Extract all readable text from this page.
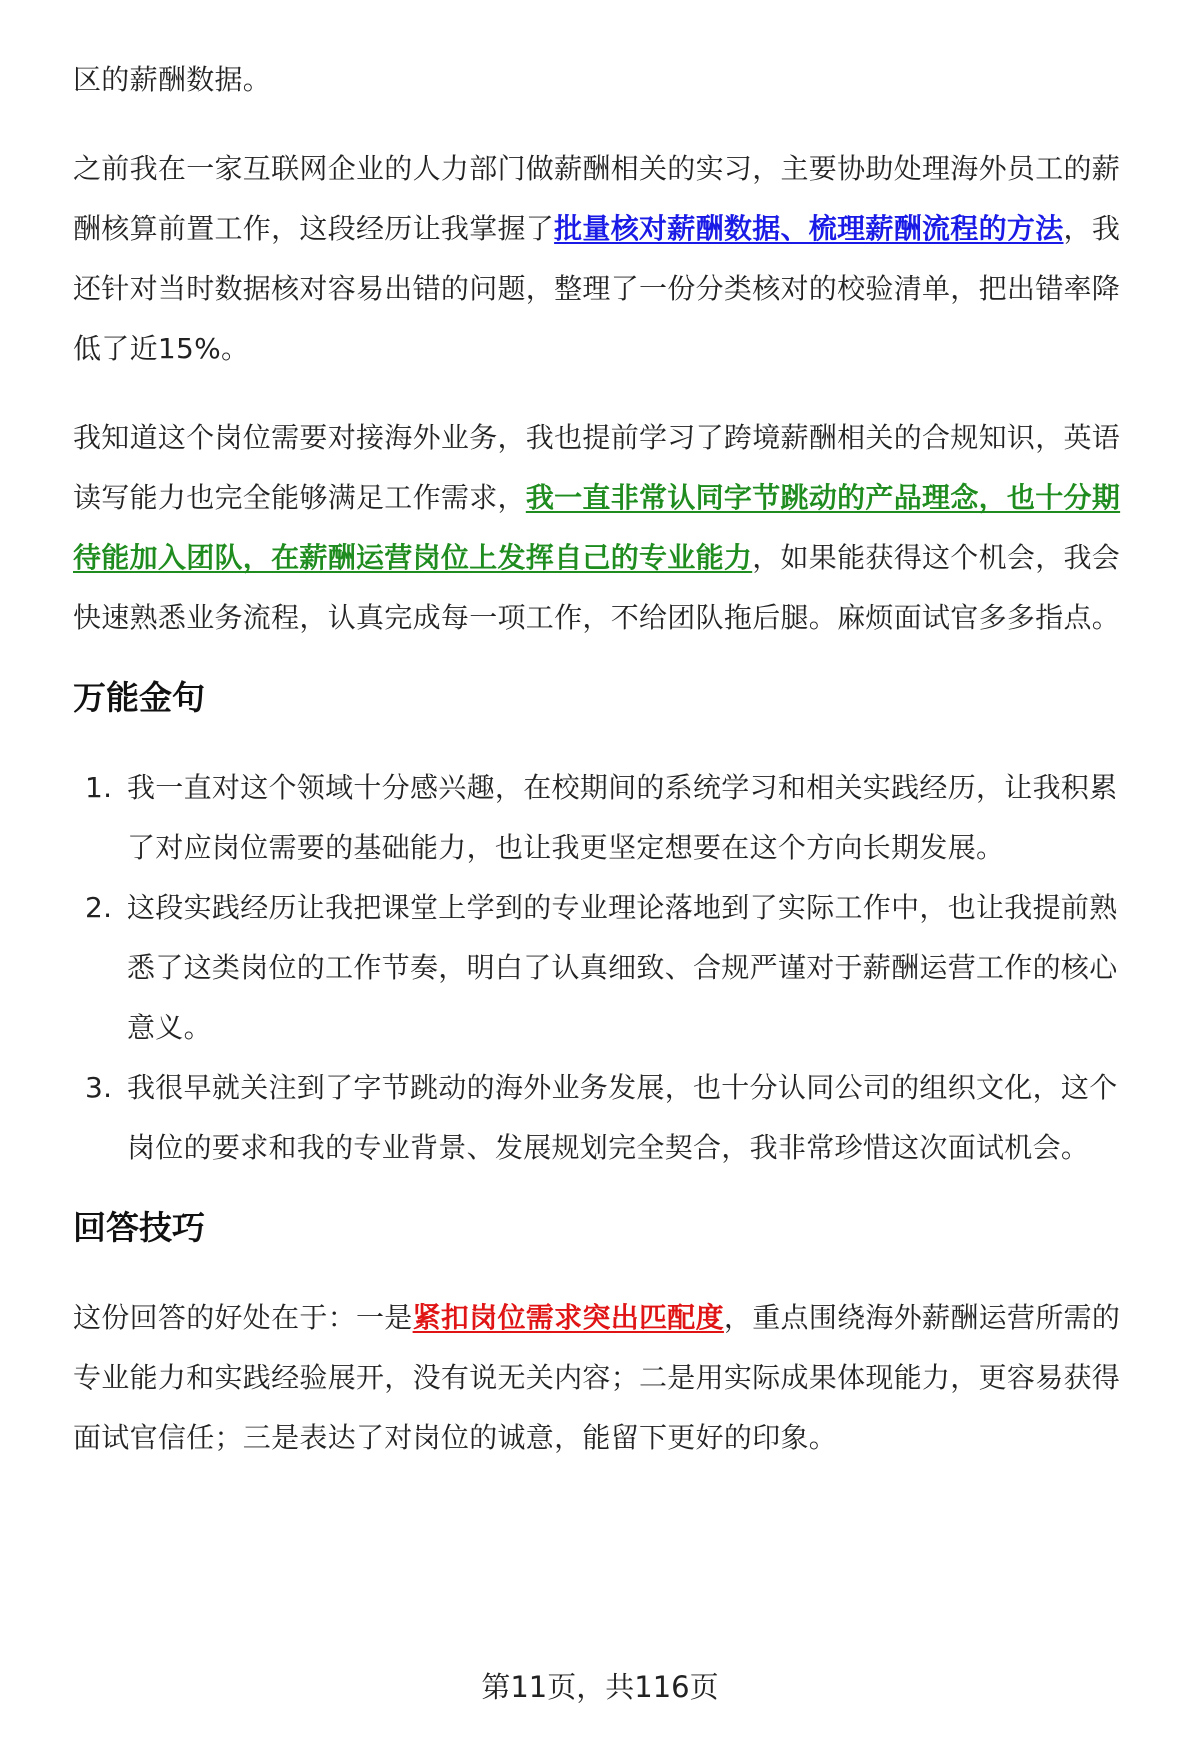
区的薪酬数据。

之前我在一家互联网企业的人力部门做薪酬相关的实习，主要协助处理海外员工的薪酬核算前置工作，这段经历让我掌握了批量核对薪酬数据、梳理薪酬流程的方法，我还针对当时数据核对容易出错的问题，整理了一份分类核对的校验清单，把出错率降低了近15%。

我知道这个岗位需要对接海外业务，我也提前学习了跨境薪酬相关的合规知识，英语读写能力也完全能够满足工作需求，我一直非常认同字节跳动的产品理念，也十分期待能加入团队，在薪酬运营岗位上发挥自己的专业能力，如果能获得这个机会，我会快速熟悉业务流程，认真完成每一项工作，不给团队拖后腿。麻烦面试官多多指点。

万能金句
1. 我一直对这个领域十分感兴趣，在校期间的系统学习和相关实践经历，让我积累了对应岗位需要的基础能力，也让我更坚定想要在这个方向长期发展。
2. 这段实践经历让我把课堂上学到的专业理论落地到了实际工作中，也让我提前熟悉了这类岗位的工作节奏，明白了认真细致、合规严谨对于薪酬运营工作的核心意义。
3. 我很早就关注到了字节跳动的海外业务发展，也十分认同公司的组织文化，这个岗位的要求和我的专业背景、发展规划完全契合，我非常珍惜这次面试机会。
回答技巧

这份回答的好处在于：一是紧扣岗位需求突出匹配度，重点围绕海外薪酬运营所需的专业能力和实践经验展开，没有说无关内容；二是用实际成果体现能力，更容易获得面试官信任；三是表达了对岗位的诚意，能留下更好的印象。

第11页，共116页
